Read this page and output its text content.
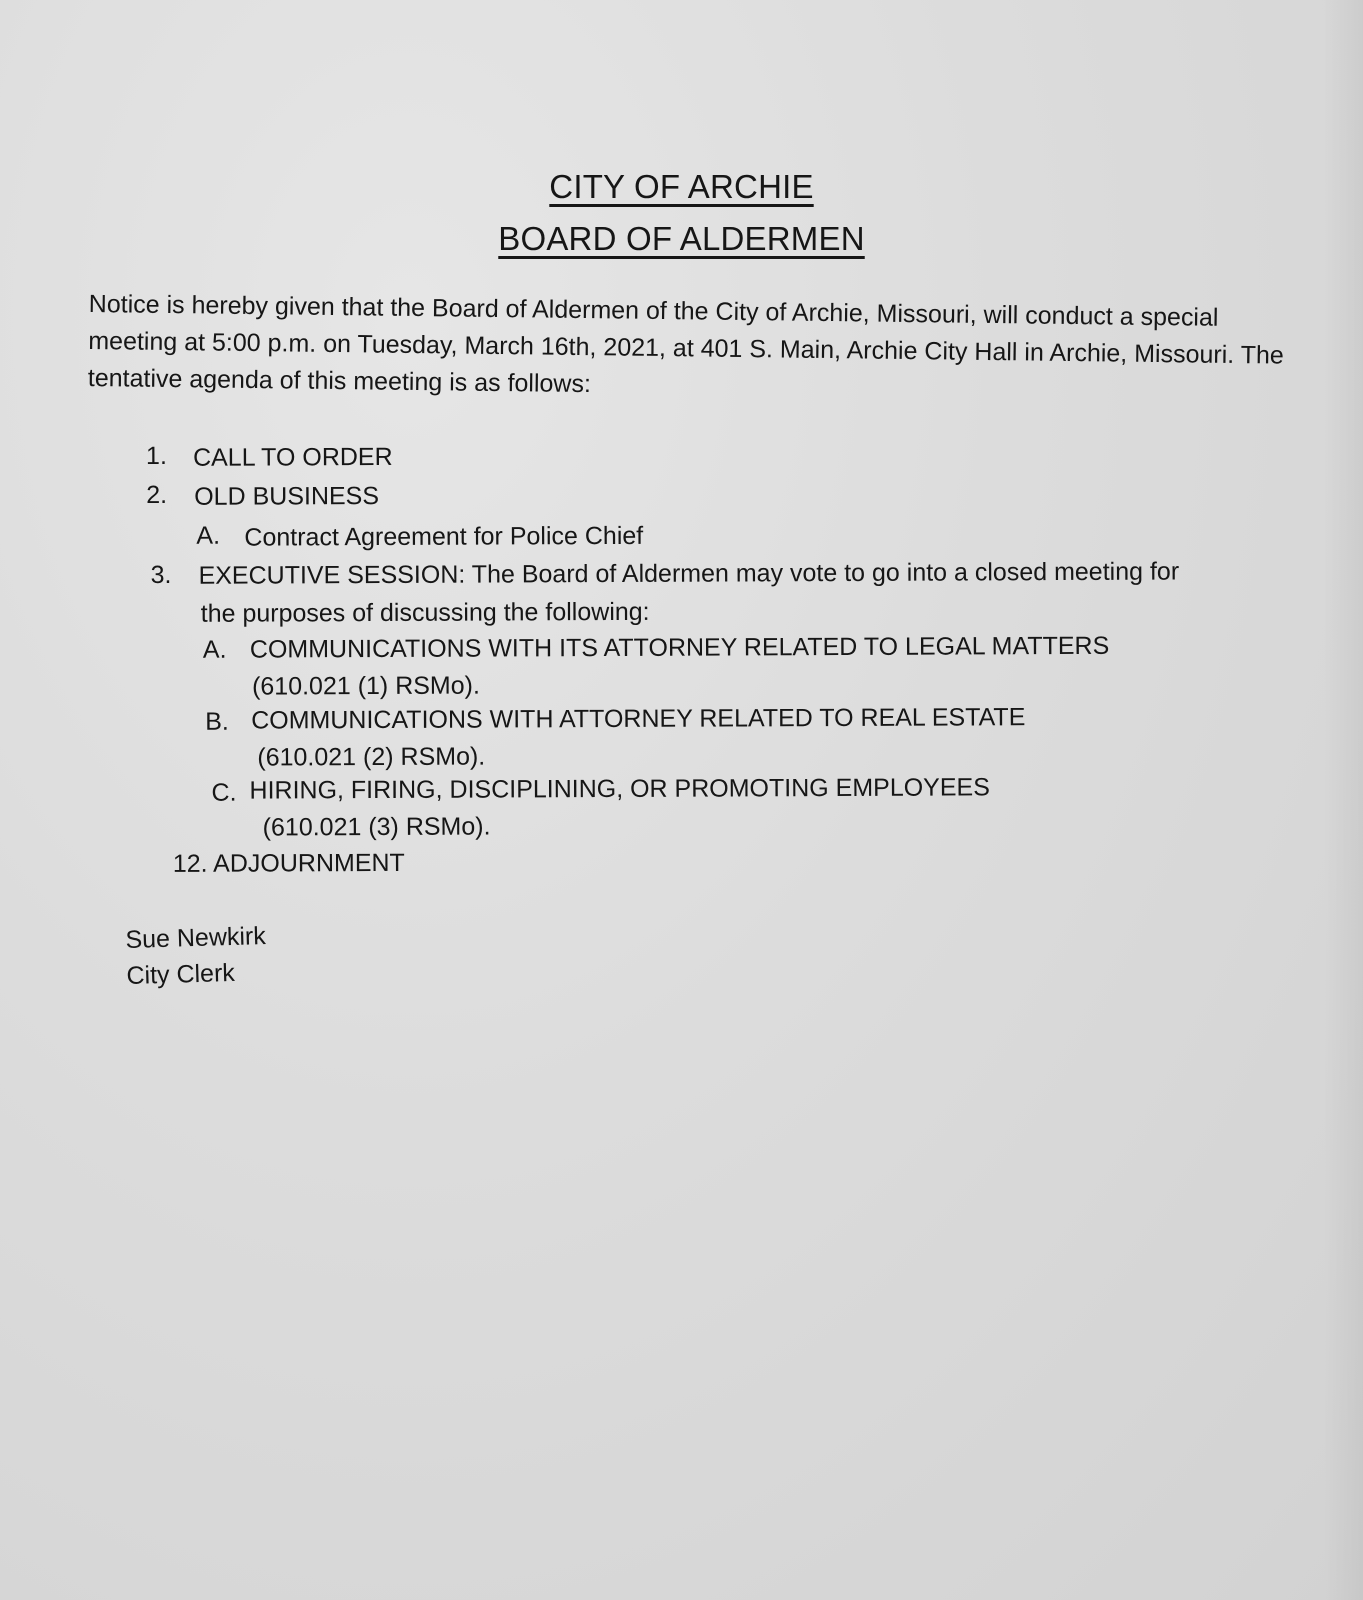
CITY OF ARCHIE
BOARD OF ALDERMEN
Notice is hereby given that the Board of Aldermen of the City of Archie, Missouri, will conduct a special meeting at 5:00 p.m. on Tuesday, March 16th, 2021, at 401 S. Main, Archie City Hall in Archie, Missouri. The tentative agenda of this meeting is as follows:
1. CALL TO ORDER
2. OLD BUSINESS
A. Contract Agreement for Police Chief
3. EXECUTIVE SESSION: The Board of Aldermen may vote to go into a closed meeting for
the purposes of discussing the following:
A. COMMUNICATIONS WITH ITS ATTORNEY RELATED TO LEGAL MATTERS
(610.021 (1) RSMo).
B. COMMUNICATIONS WITH ATTORNEY RELATED TO REAL ESTATE
(610.021 (2) RSMo).
C. HIRING, FIRING, DISCIPLINING, OR PROMOTING EMPLOYEES
(610.021 (3) RSMo).
12. ADJOURNMENT
Sue Newkirk
City Clerk
